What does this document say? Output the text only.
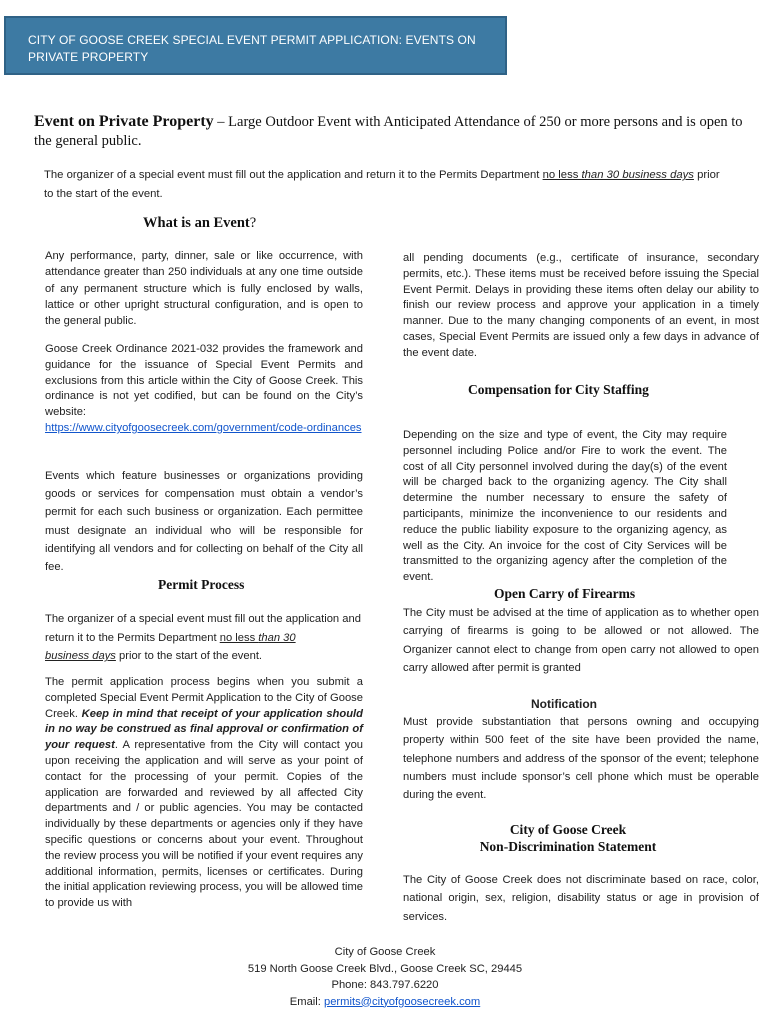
CITY OF GOOSE CREEK SPECIAL EVENT PERMIT APPLICATION: EVENTS ON PRIVATE PROPERTY
Event on Private Property – Large Outdoor Event with Anticipated Attendance of 250 or more persons and is open to the general public.
The organizer of a special event must fill out the application and return it to the Permits Department no less than 30 business days prior to the start of the event.
What is an Event?
Any performance, party, dinner, sale or like occurrence, with attendance greater than 250 individuals at any one time outside of any permanent structure which is fully enclosed by walls, lattice or other upright structural configuration, and is open to the general public.

Goose Creek Ordinance 2021-032 provides the framework and guidance for the issuance of Special Event Permits and exclusions from this article within the City of Goose Creek. This ordinance is not yet codified, but can be found on the City’s website:

https://www.cityofgoosecreek.com/government/code-ordinances

Events which feature businesses or organizations providing goods or services for compensation must obtain a vendor’s permit for each such business or organization. Each permittee must designate an individual who will be responsible for identifying all vendors and for collecting on behalf of the City all fee.
Permit Process
The organizer of a special event must fill out the application and return it to the Permits Department no less than 30
business days prior to the start of the event.
The permit application process begins when you submit a completed Special Event Permit Application to the City of Goose Creek. Keep in mind that receipt of your application should in no way be construed as final approval or confirmation of your request. A representative from the City will contact you upon receiving the application and will serve as your point of contact for the processing of your permit. Copies of the application are forwarded and reviewed by all affected City departments and / or public agencies. You may be contacted individually by these departments or agencies only if they have specific questions or concerns about your event. Throughout the review process you will be notified if your event requires any additional information, permits, licenses or certificates. During the initial application reviewing process, you will be allowed time to provide us with
all pending documents (e.g., certificate of insurance, secondary permits, etc.). These items must be received before issuing the Special Event Permit. Delays in providing these items often delay our ability to finish our review process and approve your application in a timely manner. Due to the many changing components of an event, in most cases, Special Event Permits are issued only a few days in advance of the event date.
Compensation for City Staffing
Depending on the size and type of event, the City may require personnel including Police and/or Fire to work the event. The cost of all City personnel involved during the day(s) of the event will be charged back to the organizing agency. The City shall determine the number necessary to ensure the safety of participants, minimize the inconvenience to our residents and reduce the public liability exposure to the organizing agency, as well as the City. An invoice for the cost of City Services will be transmitted to the organizing agency after the completion of the event.
Open Carry of Firearms
The City must be advised at the time of application as to whether open carrying of firearms is going to be allowed or not allowed. The Organizer cannot elect to change from open carry not allowed to open carry allowed after permit is granted
Notification
Must provide substantiation that persons owning and occupying property within 500 feet of the site have been provided the name, telephone numbers and address of the sponsor of the event; telephone numbers must include sponsor’s cell phone which must be operable during the event.
City of Goose Creek
Non-Discrimination Statement
The City of Goose Creek does not discriminate based on race, color, national origin, sex, religion, disability status or age in provision of services.
City of Goose Creek
519 North Goose Creek Blvd., Goose Creek SC, 29445
Phone: 843.797.6220
Email: permits@cityofgoosecreek.com
